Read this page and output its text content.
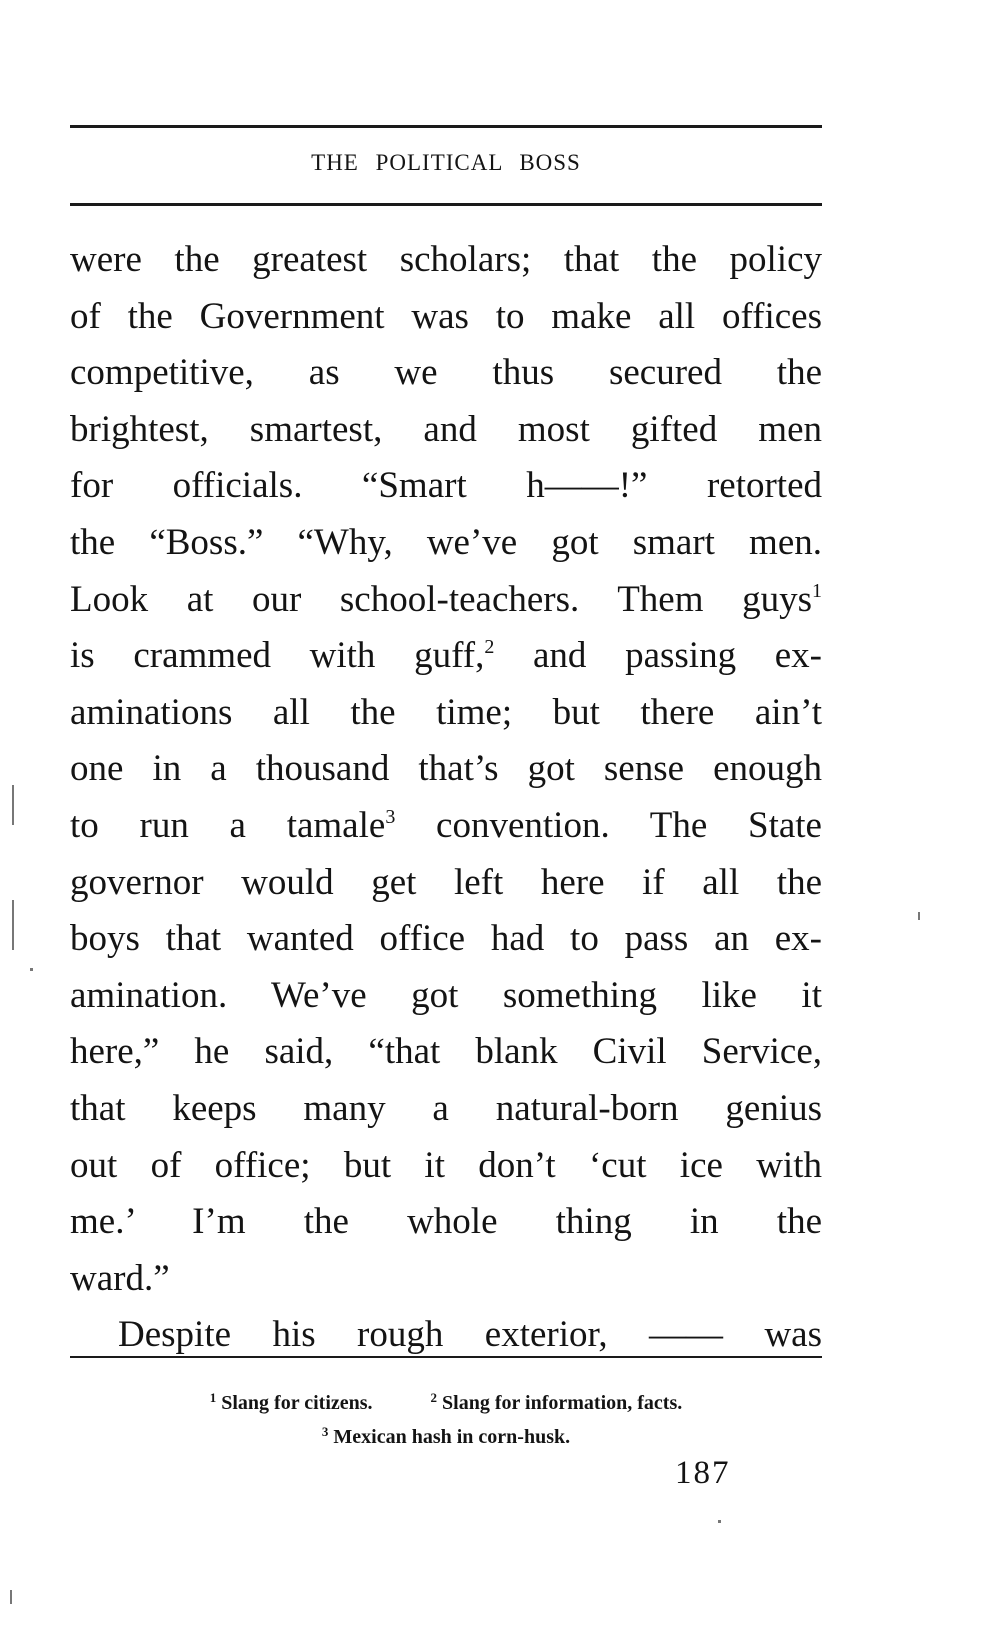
THE POLITICAL BOSS
were the greatest scholars; that the policy
of the Government was to make all offices
competitive, as we thus secured the
brightest, smartest, and most gifted men
for officials. “Smart h——!” retorted
the “Boss.” “Why, we’ve got smart men.
Look at our school-teachers. Them guys$^1$
is crammed with guff,$^2$ and passing ex-
aminations all the time; but there ain’t
one in a thousand that’s got sense enough
to run a tamale$^3$ convention. The State
governor would get left here if all the
boys that wanted office had to pass an ex-
amination. We’ve got something like it
here,” he said, “that blank Civil Service,
that keeps many a natural-born genius
out of office; but it don’t ‘cut ice with
me.’ I’m the whole thing in the
ward.”
Despite his rough exterior, —— was
$^1$ Slang for citizens.	$^2$ Slang for information, facts.
$^3$ Mexican hash in corn-husk.
187
